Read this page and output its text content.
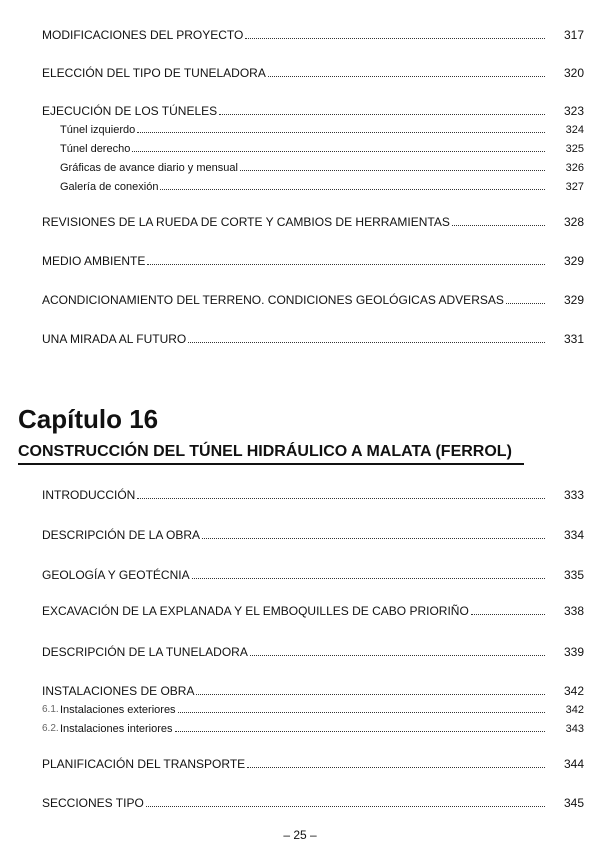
MODIFICACIONES DEL PROYECTO	317
ELECCIÓN DEL TIPO DE TUNELADORA	320
EJECUCIÓN DE LOS TÚNELES	323
Túnel izquierdo	324
Túnel derecho	325
Gráficas de avance diario y mensual	326
Galería de conexión	327
REVISIONES DE LA RUEDA DE CORTE Y CAMBIOS DE HERRAMIENTAS	328
MEDIO AMBIENTE	329
ACONDICIONAMIENTO DEL TERRENO. CONDICIONES GEOLÓGICAS ADVERSAS	329
UNA MIRADA AL FUTURO	331
Capítulo 16
CONSTRUCCIÓN DEL TÚNEL HIDRÁULICO A MALATA (FERROL)
INTRODUCCIÓN	333
DESCRIPCIÓN DE LA OBRA	334
GEOLOGÍA Y GEOTÉCNIA	335
EXCAVACIÓN DE LA EXPLANADA Y EL EMBOQUILLES DE CABO PRIORIÑO	338
DESCRIPCIÓN DE LA TUNELADORA	339
INSTALACIONES DE OBRA	342
6.1. Instalaciones exteriores	342
6.2. Instalaciones interiores	343
PLANIFICACIÓN DEL TRANSPORTE	344
SECCIONES TIPO	345
– 25 –
